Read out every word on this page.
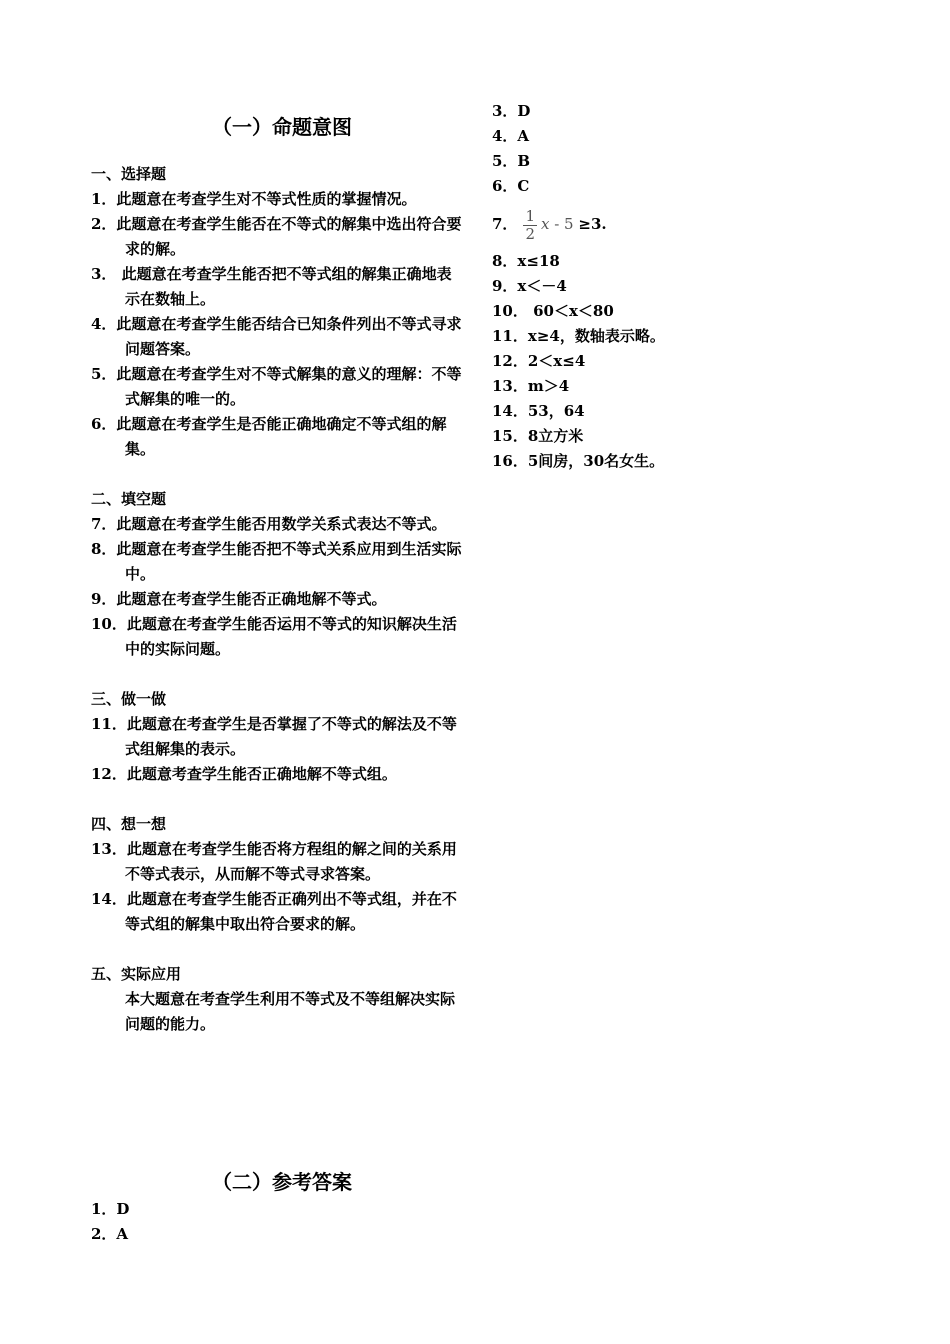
（一）命题意图
一、选择题
1．此题意在考查学生对不等式性质的掌握情况。
2．此题意在考查学生能否在不等式的解集中选出符合要求的解。
3． 此题意在考查学生能否把不等式组的解集正确地表示在数轴上。
4．此题意在考查学生能否结合已知条件列出不等式寻求问题答案。
5．此题意在考查学生对不等式解集的意义的理解：不等式解集的唯一的。
6．此题意在考查学生是否能正确地确定不等式组的解集。
二、填空题
7．此题意在考查学生能否用数学关系式表达不等式。
8．此题意在考查学生能否把不等式关系应用到生活实际中。
9．此题意在考查学生能否正确地解不等式。
10．此题意在考查学生能否运用不等式的知识解决生活中的实际问题。
三、做一做
11．此题意在考查学生是否掌握了不等式的解法及不等式组解集的表示。
12．此题意考查学生能否正确地解不等式组。
四、想一想
13．此题意在考查学生能否将方程组的解之间的关系用不等式表示，从而解不等式寻求答案。
14．此题意在考查学生能否正确列出不等式组，并在不等式组的解集中取出符合要求的解。
五、实际应用
本大题意在考查学生利用不等式及不等组解决实际问题的能力。
（二）参考答案
1．D
2．A
3．D
4．A
5．B
6．C
7． $\frac{1}{2}$ x - 5 ≥3.
8．x≤18
9．x＜－4
10． 60＜x＜80
11．x≥4，数轴表示略。
12．2＜x≤4
13．m＞4
14．53，64
15．8立方米
16．5间房，30名女生。
